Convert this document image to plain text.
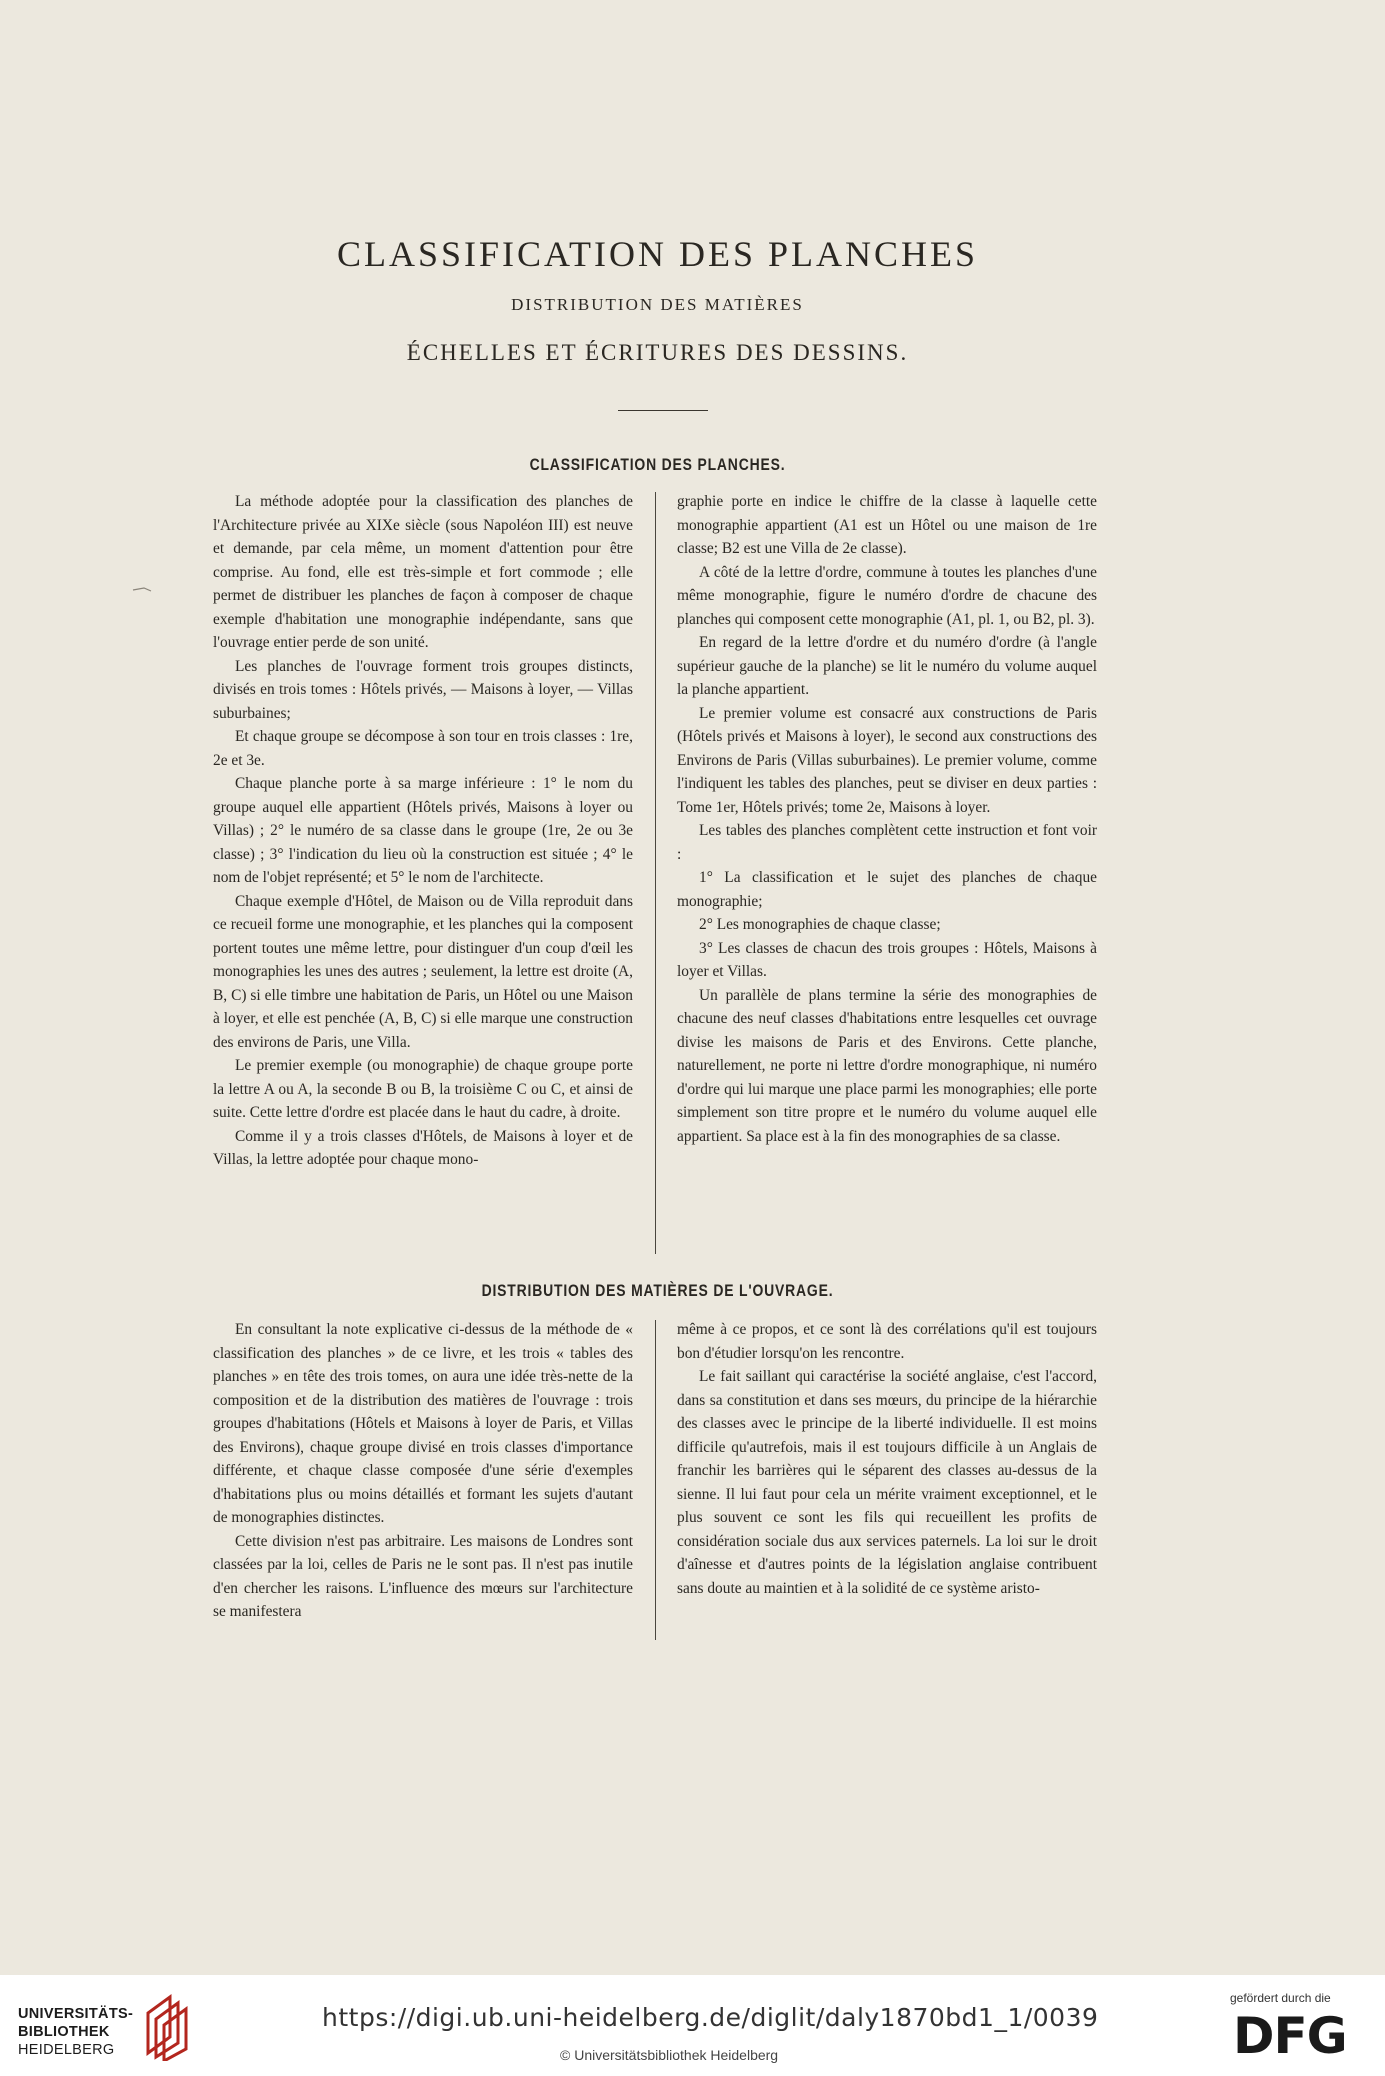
CLASSIFICATION DES PLANCHES
DISTRIBUTION DES MATIÈRES
ÉCHELLES ET ÉCRITURES DES DESSINS.
CLASSIFICATION DES PLANCHES.

La méthode adoptée pour la classification des planches de l'Architecture privée au XIXe siècle (sous Napoléon III) est neuve et demande, par cela même, un moment d'attention pour être comprise. Au fond, elle est très-simple et fort commode ; elle permet de distribuer les planches de façon à composer de chaque exemple d'habitation une monographie indépendante, sans que l'ouvrage entier perde de son unité.

Les planches de l'ouvrage forment trois groupes distincts, divisés en trois tomes : Hôtels privés, — Maisons à loyer, — Villas suburbaines;

Et chaque groupe se décompose à son tour en trois classes : 1re, 2e et 3e.

Chaque planche porte à sa marge inférieure : 1° le nom du groupe auquel elle appartient (Hôtels privés, Maisons à loyer ou Villas) ; 2° le numéro de sa classe dans le groupe (1re, 2e ou 3e classe) ; 3° l'indication du lieu où la construction est située ; 4° le nom de l'objet représenté; et 5° le nom de l'architecte.

Chaque exemple d'Hôtel, de Maison ou de Villa reproduit dans ce recueil forme une monographie, et les planches qui la composent portent toutes une même lettre, pour distinguer d'un coup d'œil les monographies les unes des autres ; seulement, la lettre est droite (A, B, C) si elle timbre une habitation de Paris, un Hôtel ou une Maison à loyer, et elle est penchée (A, B, C) si elle marque une construction des environs de Paris, une Villa.

Le premier exemple (ou monographie) de chaque groupe porte la lettre A ou A, la seconde B ou B, la troisième C ou C, et ainsi de suite. Cette lettre d'ordre est placée dans le haut du cadre, à droite.

Comme il y a trois classes d'Hôtels, de Maisons à loyer et de Villas, la lettre adoptée pour chaque mono-

graphie porte en indice le chiffre de la classe à laquelle cette monographie appartient (A1 est un Hôtel ou une maison de 1re classe; B2 est une Villa de 2e classe).

A côté de la lettre d'ordre, commune à toutes les planches d'une même monographie, figure le numéro d'ordre de chacune des planches qui composent cette monographie (A1, pl. 1, ou B2, pl. 3).

En regard de la lettre d'ordre et du numéro d'ordre (à l'angle supérieur gauche de la planche) se lit le numéro du volume auquel la planche appartient.

Le premier volume est consacré aux constructions de Paris (Hôtels privés et Maisons à loyer), le second aux constructions des Environs de Paris (Villas suburbaines). Le premier volume, comme l'indiquent les tables des planches, peut se diviser en deux parties : Tome 1er, Hôtels privés; tome 2e, Maisons à loyer.

Les tables des planches complètent cette instruction et font voir :

1° La classification et le sujet des planches de chaque monographie;

2° Les monographies de chaque classe;

3° Les classes de chacun des trois groupes : Hôtels, Maisons à loyer et Villas.

Un parallèle de plans termine la série des monographies de chacune des neuf classes d'habitations entre lesquelles cet ouvrage divise les maisons de Paris et des Environs. Cette planche, naturellement, ne porte ni lettre d'ordre monographique, ni numéro d'ordre qui lui marque une place parmi les monographies; elle porte simplement son titre propre et le numéro du volume auquel elle appartient. Sa place est à la fin des monographies de sa classe.

DISTRIBUTION DES MATIÈRES DE L'OUVRAGE.

En consultant la note explicative ci-dessus de la méthode de « classification des planches » de ce livre, et les trois « tables des planches » en tête des trois tomes, on aura une idée très-nette de la composition et de la distribution des matières de l'ouvrage : trois groupes d'habitations (Hôtels et Maisons à loyer de Paris, et Villas des Environs), chaque groupe divisé en trois classes d'importance différente, et chaque classe composée d'une série d'exemples d'habitations plus ou moins détaillés et formant les sujets d'autant de monographies distinctes.

Cette division n'est pas arbitraire. Les maisons de Londres sont classées par la loi, celles de Paris ne le sont pas. Il n'est pas inutile d'en chercher les raisons. L'influence des mœurs sur l'architecture se manifestera

même à ce propos, et ce sont là des corrélations qu'il est toujours bon d'étudier lorsqu'on les rencontre.

Le fait saillant qui caractérise la société anglaise, c'est l'accord, dans sa constitution et dans ses mœurs, du principe de la hiérarchie des classes avec le principe de la liberté individuelle. Il est moins difficile qu'autrefois, mais il est toujours difficile à un Anglais de franchir les barrières qui le séparent des classes au-dessus de la sienne. Il lui faut pour cela un mérite vraiment exceptionnel, et le plus souvent ce sont les fils qui recueillent les profits de considération sociale dus aux services paternels. La loi sur le droit d'aînesse et d'autres points de la législation anglaise contribuent sans doute au maintien et à la solidité de ce système aristo-

UNIVERSITÄTS-
BIBLIOTHEK
HEIDELBERG
https://digi.ub.uni-heidelberg.de/diglit/daly1870bd1_1/0039
© Universitätsbibliothek Heidelberg
gefördert durch die
DFG
